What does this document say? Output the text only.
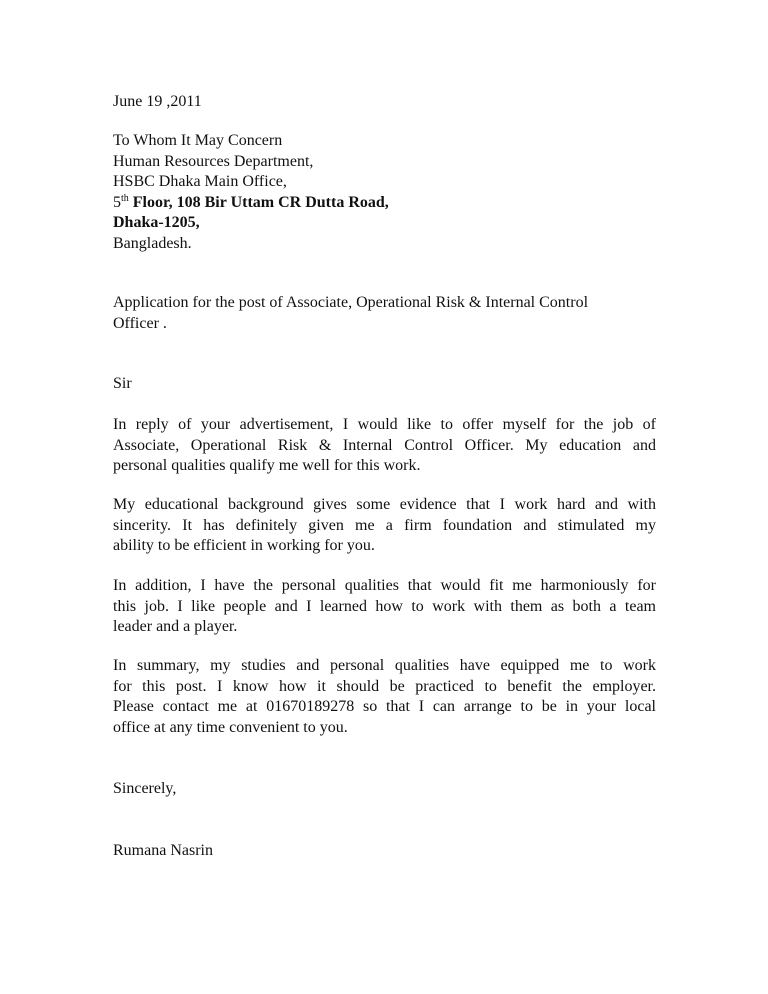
June 19 ,2011
To Whom It May Concern
Human Resources Department,
HSBC Dhaka Main Office,
5th Floor, 108 Bir Uttam CR Dutta Road,
Dhaka-1205,
Bangladesh.
Application for the post of Associate, Operational Risk & Internal Control
Officer .
Sir
In reply of your advertisement, I would like to offer myself for the job of
Associate, Operational Risk & Internal Control Officer. My education and
personal qualities qualify me well for this work.
My educational background gives some evidence that I work hard and with
sincerity. It has definitely given me a firm foundation and stimulated my
ability to be efficient in working for you.
In addition, I have the personal qualities that would fit me harmoniously for
this job. I like people and I learned how to work with them as both a team
leader and a player.
In summary, my studies and personal qualities have equipped me to work
for this post. I know how it should be practiced to benefit the employer.
Please contact me at 01670189278 so that I can arrange to be in your local
office at any time convenient to you.
Sincerely,
Rumana Nasrin
